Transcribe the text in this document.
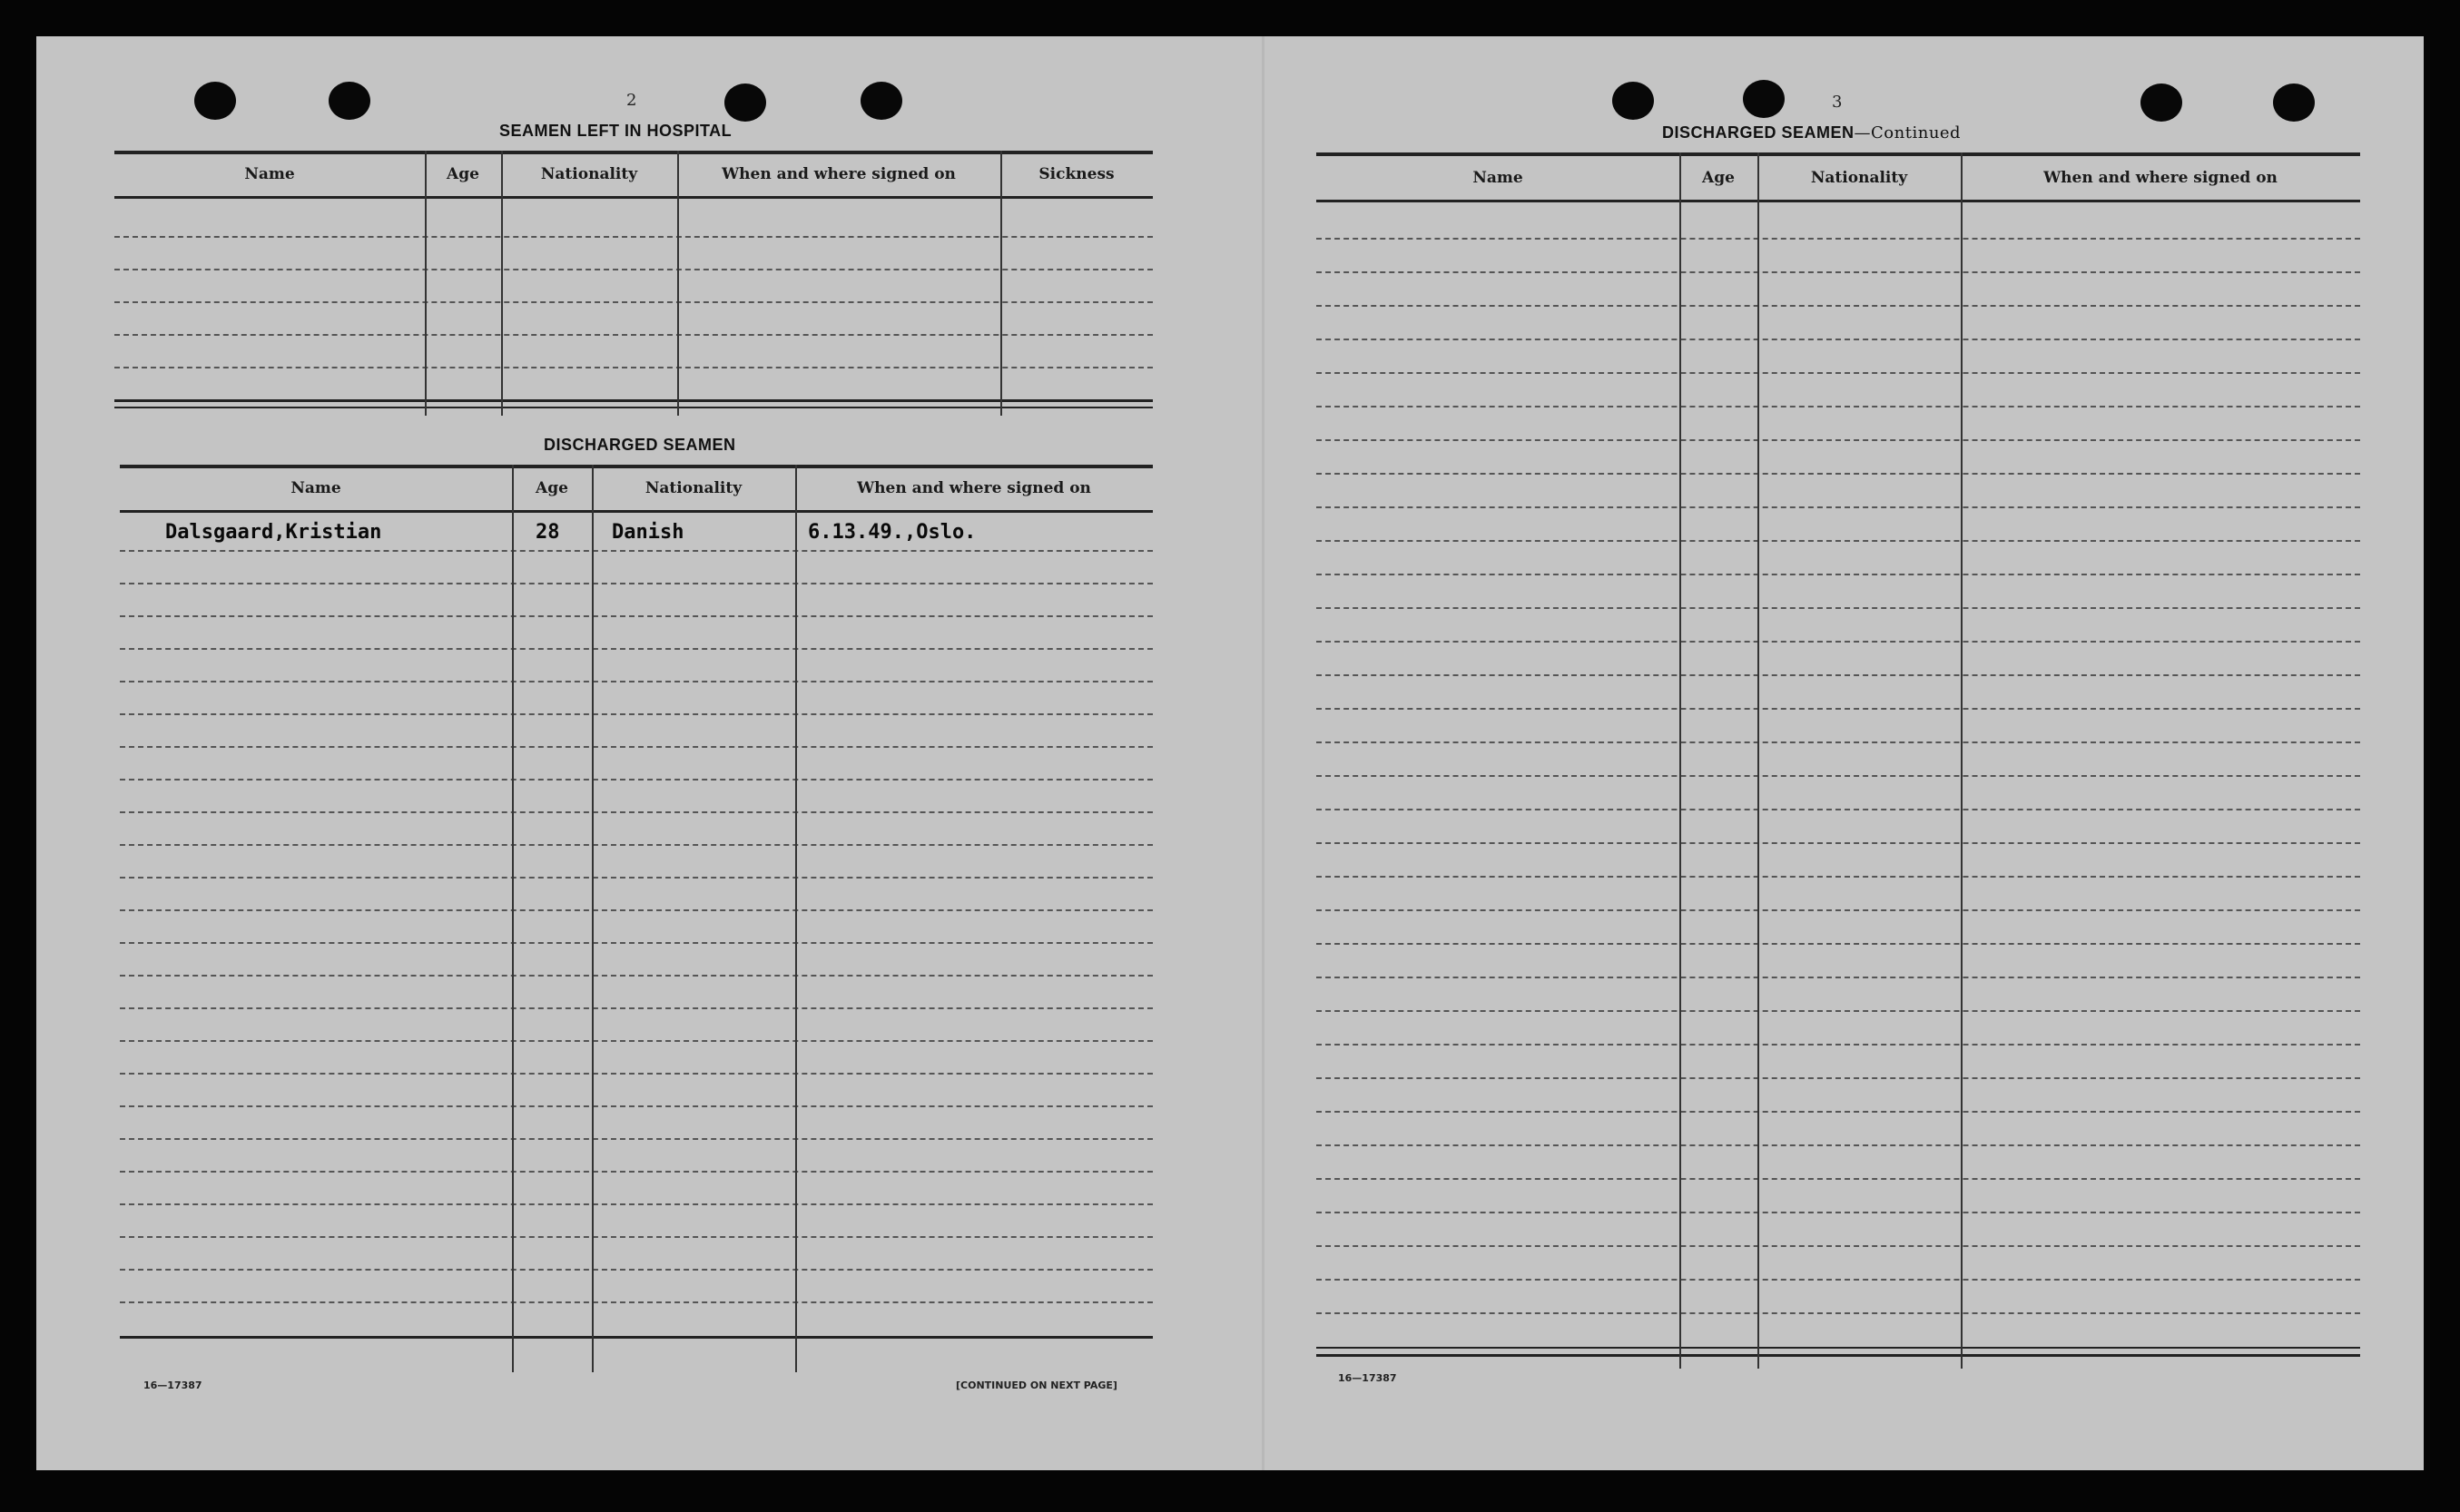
2
SEAMEN LEFT IN HOSPITAL
Name	Age	Nationality	When and where signed on	Sickness
DISCHARGED SEAMEN
Name	Age	Nationality	When and where signed on
Dalsgaard,Kristian	28	Danish	6.13.49.,Oslo.
16—17387	[CONTINUED ON NEXT PAGE]
3
DISCHARGED SEAMEN—Continued
Name	Age	Nationality	When and where signed on
16—17387
